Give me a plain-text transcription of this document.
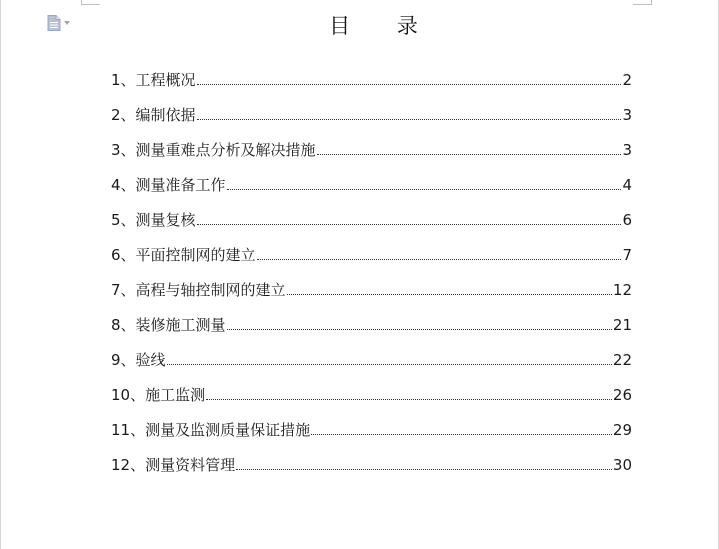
目 录
1、工程概况	2
2、编制依据	3
3、测量重难点分析及解决措施	3
4、测量准备工作	4
5、测量复核	6
6、平面控制网的建立	7
7、高程与轴控制网的建立	12
8、装修施工测量	21
9、验线	22
10、施工监测	26
11、测量及监测质量保证措施	29
12、测量资料管理	30
